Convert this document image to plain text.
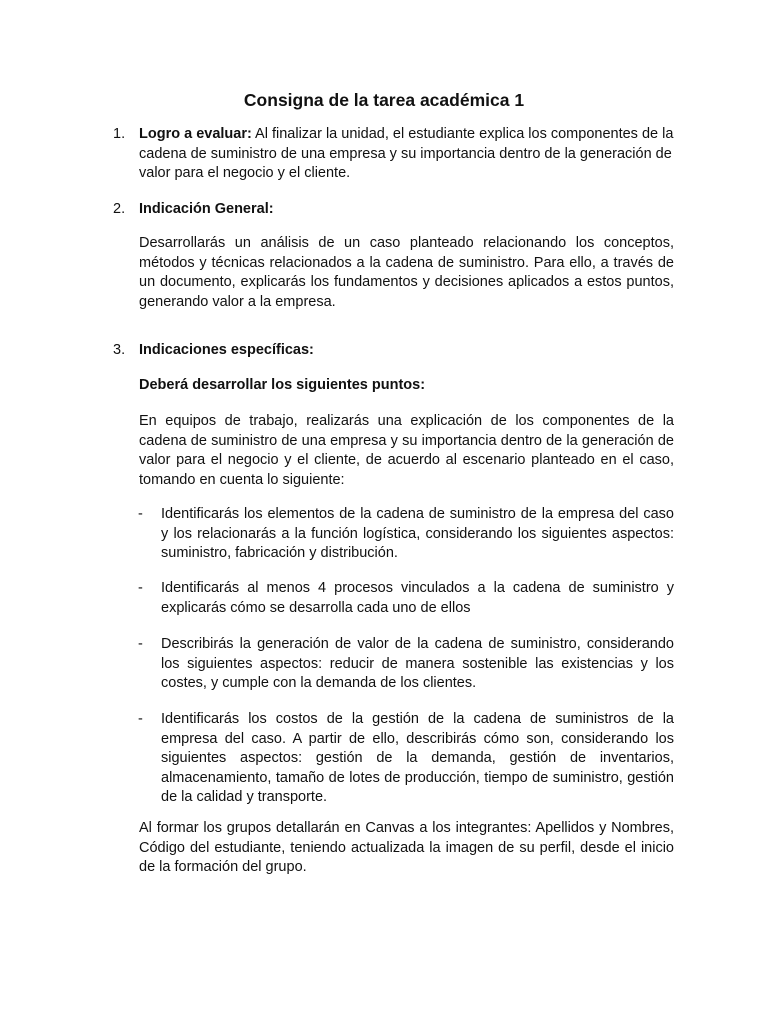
Consigna de la tarea académica 1
1. Logro a evaluar: Al finalizar la unidad, el estudiante explica los componentes de la cadena de suministro de una empresa y su importancia dentro de la generación de valor para el negocio y el cliente.

2. Indicación General:

Desarrollarás un análisis de un caso planteado relacionando los conceptos, métodos y técnicas relacionados a la cadena de suministro. Para ello, a través de un documento, explicarás los fundamentos y decisiones aplicados a estos puntos, generando valor a la empresa.

3. Indicaciones específicas:

Deberá desarrollar los siguientes puntos:

En equipos de trabajo, realizarás una explicación de los componentes de la cadena de suministro de una empresa y su importancia dentro de la generación de valor para el negocio y el cliente, de acuerdo al escenario planteado en el caso, tomando en cuenta lo siguiente:

- Identificarás los elementos de la cadena de suministro de la empresa del caso y los relacionarás a la función logística, considerando los siguientes aspectos: suministro, fabricación y distribución.

- Identificarás al menos 4 procesos vinculados a la cadena de suministro y explicarás cómo se desarrolla cada uno de ellos

- Describirás la generación de valor de la cadena de suministro, considerando los siguientes aspectos: reducir de manera sostenible las existencias y los costes, y cumple con la demanda de los clientes.

- Identificarás los costos de la gestión de la cadena de suministros de la empresa del caso. A partir de ello, describirás cómo son, considerando los siguientes aspectos: gestión de la demanda, gestión de inventarios, almacenamiento, tamaño de lotes de producción, tiempo de suministro, gestión de la calidad y transporte.

Al formar los grupos detallarán en Canvas a los integrantes: Apellidos y Nombres, Código del estudiante, teniendo actualizada la imagen de su perfil, desde el inicio de la formación del grupo.
